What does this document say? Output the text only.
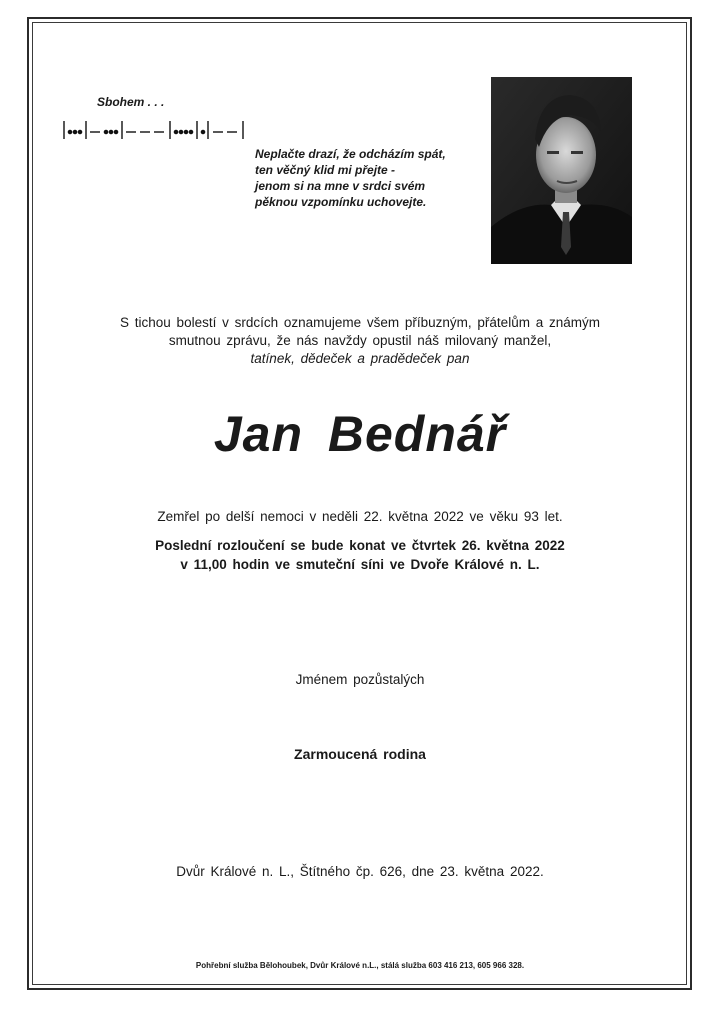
Sbohem . . .
Neplačte drazí, že odcházím spát,
ten věčný klid mi přejte -
jenom si na mne v srdci svém
pěknou vzpomínku uchovejte.
S tichou bolestí v srdcích oznamujeme všem příbuzným, přátelům a známým
smutnou zprávu, že nás navždy opustil náš milovaný manžel,
tatínek, dědeček a pradědeček pan
Jan Bednář
Zemřel po delší nemoci v neděli 22. května 2022 ve věku 93 let.
Poslední rozloučení se bude konat ve čtvrtek 26. května 2022
v 11,00 hodin ve smuteční síni ve Dvoře Králové n. L.
Jménem pozůstalých
Zarmoucená rodina
Dvůr Králové n. L., Štítného čp. 626, dne 23. května 2022.
Pohřební služba Bělohoubek, Dvůr Králové n.L., stálá služba 603 416 213, 605 966 328.
